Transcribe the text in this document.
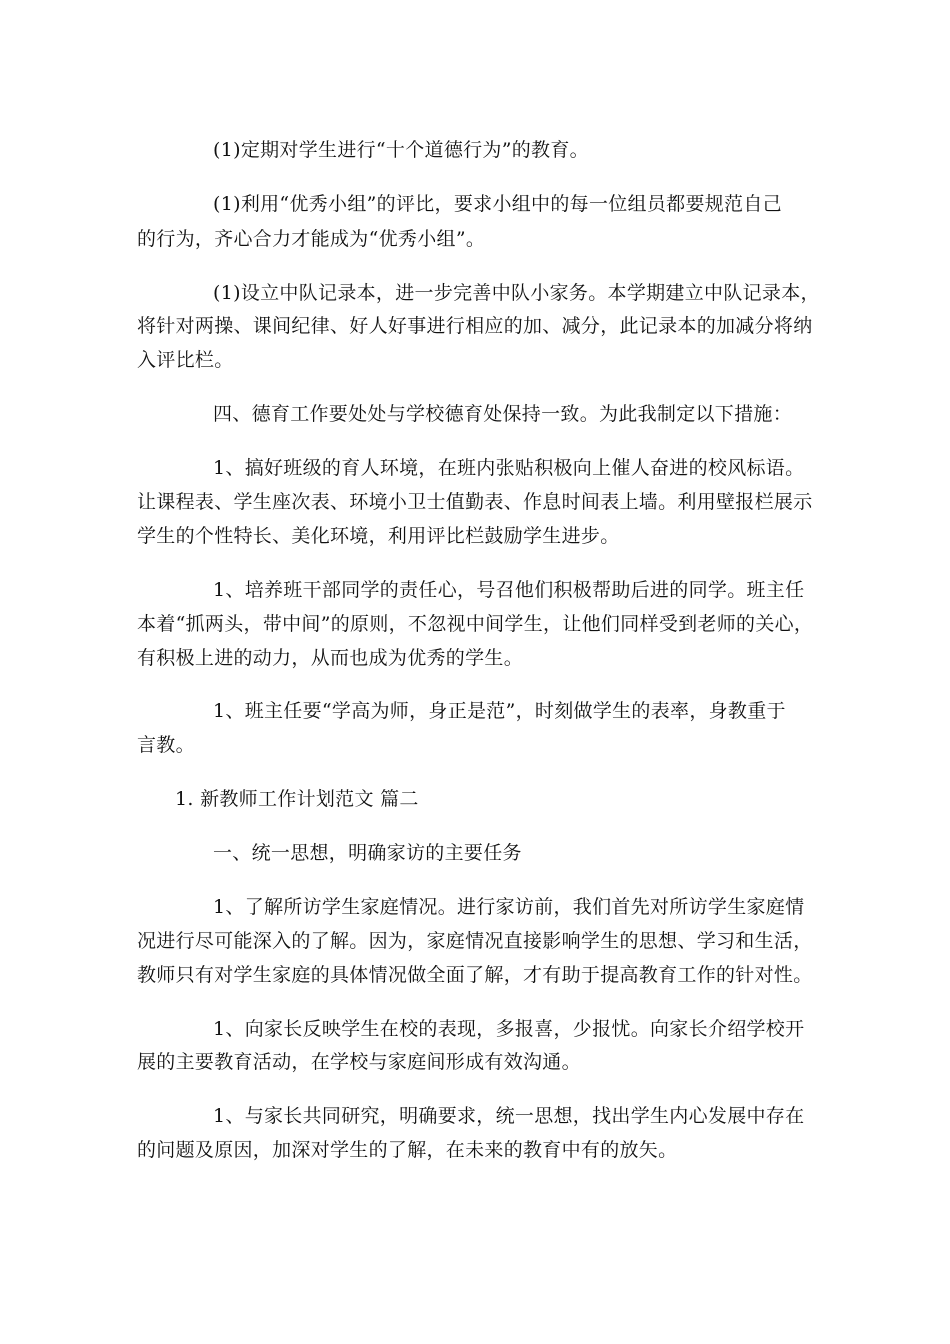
(1)定期对学生进行“十个道德行为”的教育。
(1)利用“优秀小组”的评比，要求小组中的每一位组员都要规范自己
的行为，齐心合力才能成为“优秀小组”。
(1)设立中队记录本，进一步完善中队小家务。本学期建立中队记录本，
将针对两操、课间纪律、好人好事进行相应的加、减分，此记录本的加减分将纳
入评比栏。
四、德育工作要处处与学校德育处保持一致。为此我制定以下措施：
1、搞好班级的育人环境，在班内张贴积极向上催人奋进的校风标语。
让课程表、学生座次表、环境小卫士值勤表、作息时间表上墙。利用壁报栏展示
学生的个性特长、美化环境，利用评比栏鼓励学生进步。
1、培养班干部同学的责任心，号召他们积极帮助后进的同学。班主任
本着“抓两头，带中间”的原则，不忽视中间学生，让他们同样受到老师的关心，
有积极上进的动力，从而也成为优秀的学生。
1、班主任要“学高为师，身正是范”，时刻做学生的表率，身教重于
言教。
1. 新教师工作计划范文 篇二
一、统一思想，明确家访的主要任务
1、了解所访学生家庭情况。进行家访前，我们首先对所访学生家庭情
况进行尽可能深入的了解。因为，家庭情况直接影响学生的思想、学习和生活，
教师只有对学生家庭的具体情况做全面了解，才有助于提高教育工作的针对性。
1、向家长反映学生在校的表现，多报喜，少报忧。向家长介绍学校开
展的主要教育活动，在学校与家庭间形成有效沟通。
1、与家长共同研究，明确要求，统一思想，找出学生内心发展中存在
的问题及原因，加深对学生的了解，在未来的教育中有的放矢。
